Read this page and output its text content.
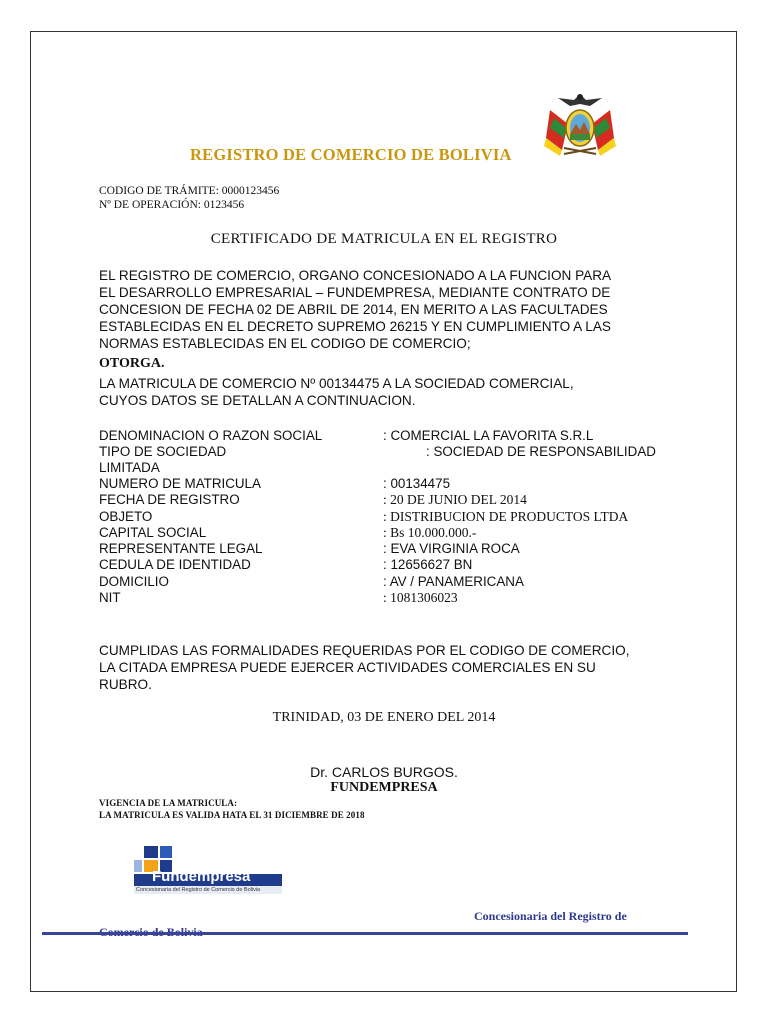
REGISTRO DE COMERCIO DE BOLIVIA
CODIGO DE TRÁMITE: 0000123456
Nº DE OPERACIÓN: 0123456
CERTIFICADO DE MATRICULA EN EL REGISTRO
EL REGISTRO DE COMERCIO, ORGANO CONCESIONADO A LA FUNCION PARA
EL DESARROLLO EMPRESARIAL – FUNDEMPRESA, MEDIANTE CONTRATO DE
CONCESION DE FECHA 02 DE ABRIL DE 2014, EN MERITO A LAS FACULTADES
ESTABLECIDAS EN EL DECRETO SUPREMO 26215 Y EN CUMPLIMIENTO A LAS
NORMAS ESTABLECIDAS EN EL CODIGO DE COMERCIO;
OTORGA.
LA MATRICULA DE COMERCIO Nº 00134475 A LA SOCIEDAD COMERCIAL,
CUYOS DATOS SE DETALLAN A CONTINUACION.
DENOMINACION O RAZON SOCIAL	: COMERCIAL LA FAVORITA S.R.L
TIPO DE SOCIEDAD	: SOCIEDAD DE RESPONSABILIDAD
LIMITADA
NUMERO DE MATRICULA	: 00134475
FECHA DE REGISTRO	: 20 DE JUNIO DEL 2014
OBJETO	: DISTRIBUCION DE PRODUCTOS LTDA
CAPITAL SOCIAL	: Bs 10.000.000.-
REPRESENTANTE LEGAL	: EVA VIRGINIA ROCA
CEDULA DE IDENTIDAD	: 12656627 BN
DOMICILIO	: AV / PANAMERICANA
NIT	: 1081306023
CUMPLIDAS LAS FORMALIDADES REQUERIDAS POR EL CODIGO DE COMERCIO,
LA CITADA EMPRESA PUEDE EJERCER ACTIVIDADES COMERCIALES EN SU
RUBRO.
TRINIDAD, 03 DE ENERO DEL 2014
Dr. CARLOS BURGOS.
FUNDEMPRESA
VIGENCIA DE LA MATRICULA:
LA MATRICULA ES VALIDA HATA EL 31 DICIEMBRE DE 2018
Fundempresa
Concesionaria del Registro de Comercio de Bolivia
Concesionaria del Registro de
